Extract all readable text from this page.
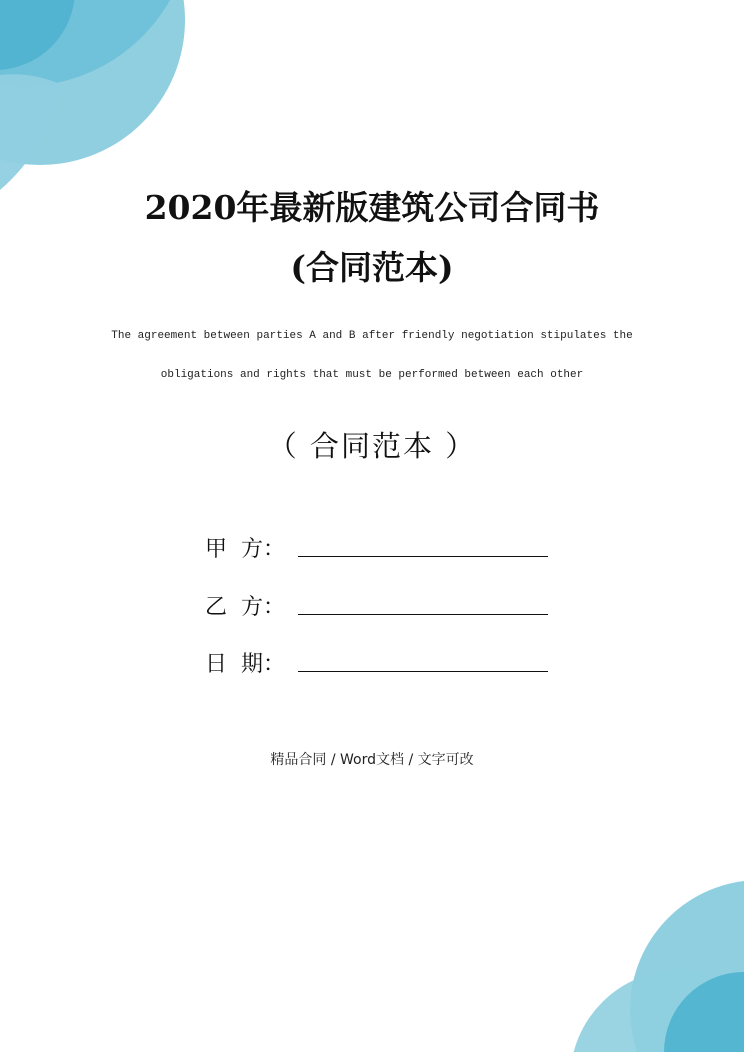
2020年最新版建筑公司合同书
(合同范本)
The agreement between parties A and B after friendly negotiation stipulates the
obligations and rights that must be performed between each other
（ 合同范本 ）
甲  方：
乙  方：
日  期：
精品合同 / Word文档 / 文字可改
